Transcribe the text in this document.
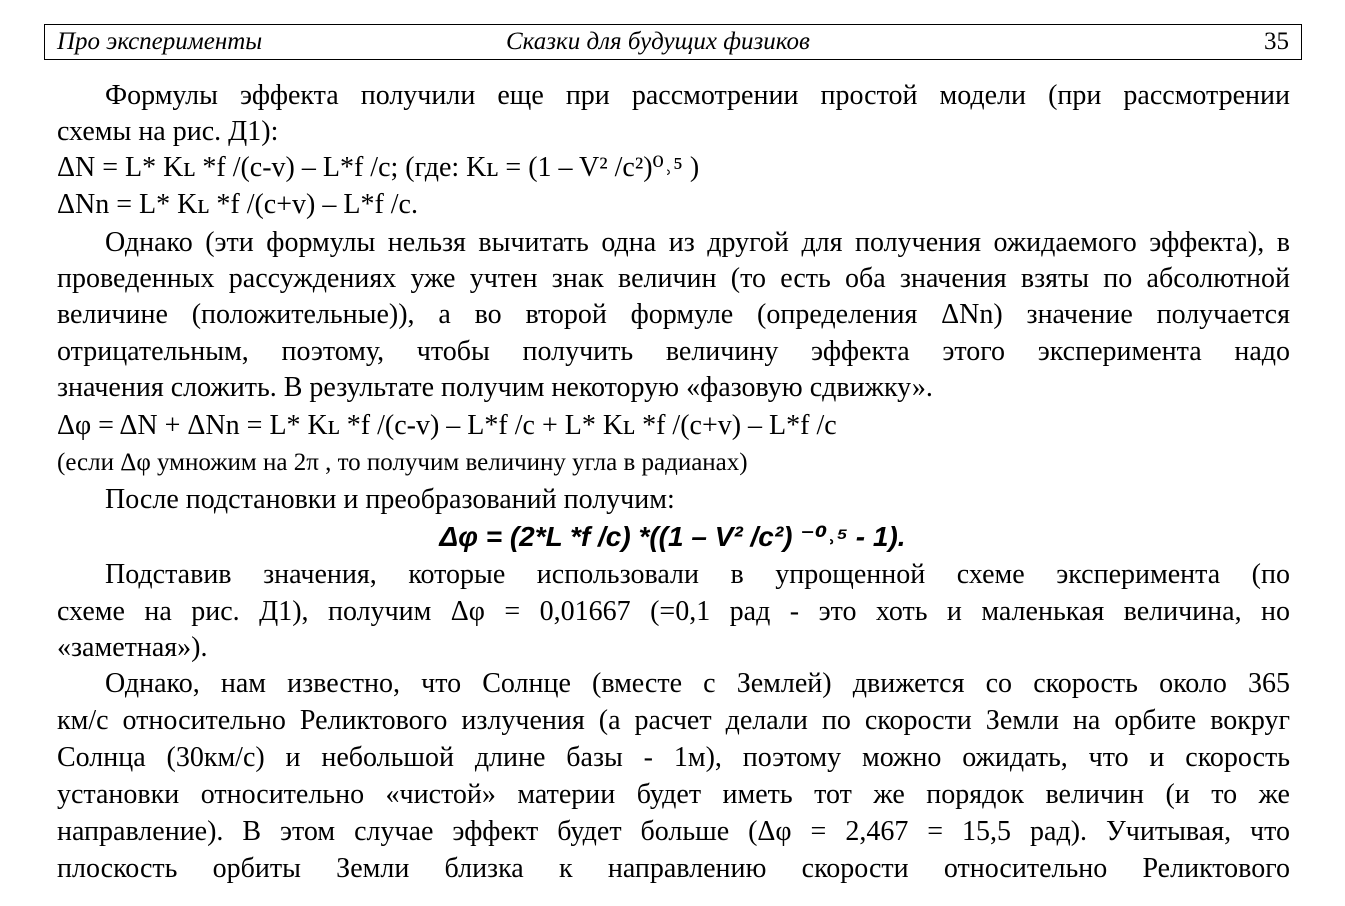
Про эксперименты	Сказки для будущих физиков	35
Формулы эффекта получили еще при рассмотрении простой модели (при рассмотрении
схемы на рис. Д1):
ΔN = L* Kʟ *f /(c-v) – L*f /c; (где: Kʟ = (1 – V² /c²)⁰˒⁵ )
ΔNn = L* Kʟ *f /(c+v) – L*f /c.
Однако (эти формулы нельзя вычитать одна из другой для получения ожидаемого эффекта), в
проведенных рассуждениях уже учтен знак величин (то есть оба значения взяты по абсолютной
величине (положительные)), а во второй формуле (определения ΔNn) значение получается
отрицательным, поэтому, чтобы получить величину эффекта этого эксперимента надо
значения сложить. В результате получим некоторую «фазовую сдвижку».
Δφ = ΔN + ΔNn = L* Kʟ *f /(c-v) – L*f /c + L* Kʟ *f /(c+v) – L*f /c
(если Δφ умножим на 2π , то получим величину угла в радианах)
После подстановки и преобразований получим:
Δφ = (2*L *f /c) *((1 – V² /c²) ⁻⁰˒⁵ - 1).
Подставив значения, которые использовали в упрощенной схеме эксперимента (по
схеме на рис. Д1), получим Δφ = 0,01667 (=0,1 рад - это хоть и маленькая величина, но
«заметная»).
Однако, нам известно, что Солнце (вместе с Землей) движется со скорость около 365
км/с относительно Реликтового излучения (а расчет делали по скорости Земли на орбите вокруг
Солнца (30км/с) и небольшой длине базы - 1м), поэтому можно ожидать, что и скорость
установки относительно «чистой» материи будет иметь тот же порядок величин (и то же
направление). В этом случае эффект будет больше (Δφ = 2,467 = 15,5 рад). Учитывая, что
плоскость орбиты Земли близка к направлению скорости относительно Реликтового
